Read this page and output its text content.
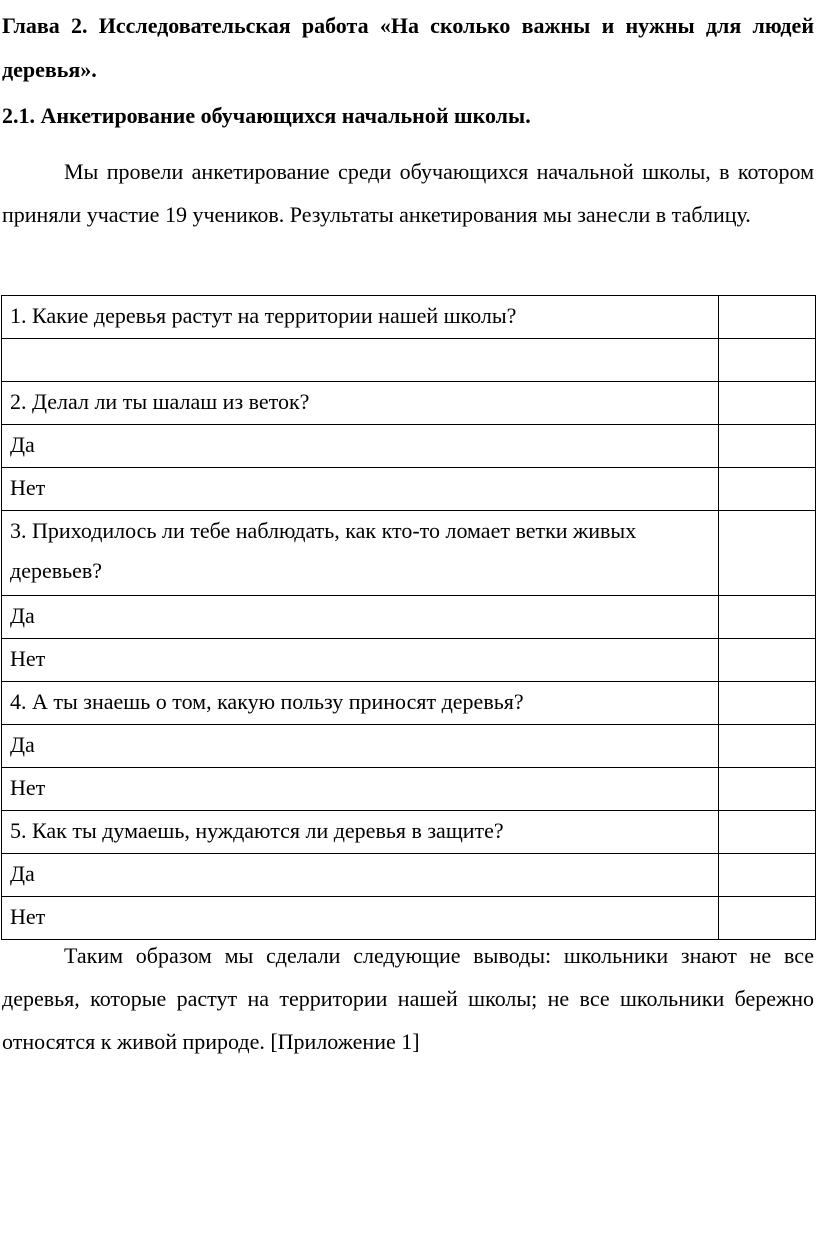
Глава 2. Исследовательская работа «На сколько важны и нужны для людей деревья».

2.1. Анкетирование обучающихся начальной школы.

Мы провели анкетирование среди обучающихся начальной школы, в котором приняли участие 19 учеников. Результаты анкетирования мы занесли в таблицу.

1. Какие деревья растут на территории нашей школы?	

2. Делал ли ты шалаш из веток?	
Да	
Нет	
3. Приходилось ли тебе наблюдать, как кто-то ломает ветки живых деревьев?	
Да	
Нет	
4. А ты знаешь о том, какую пользу приносят деревья?	
Да	
Нет	
5. Как ты думаешь, нуждаются ли деревья в защите?	
Да	
Нет	

Таким образом мы сделали следующие выводы: школьники знают не все деревья, которые растут на территории нашей школы; не все школьники бережно относятся к живой природе. [Приложение 1]
